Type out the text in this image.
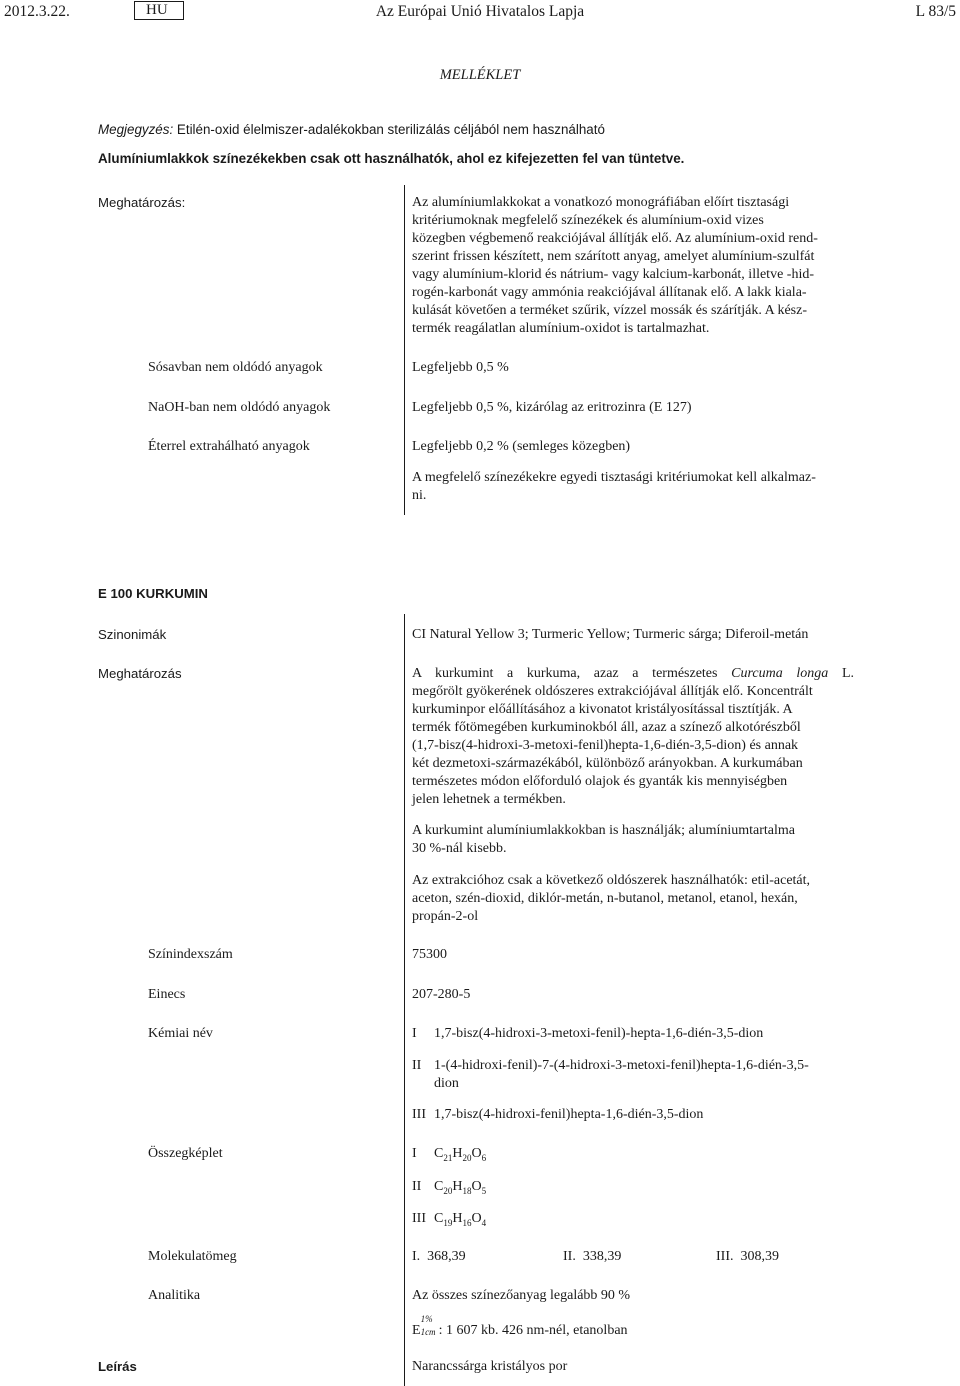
2012.3.22.	HU	Az Európai Unió Hivatalos Lapja	L 83/5
MELLÉKLET
Megjegyzés: Etilén-oxid élelmiszer-adalékokban sterilizálás céljából nem használható
Alumíniumlakkok színezékekben csak ott használhatók, ahol ez kifejezetten fel van tüntetve.
Meghatározás:	Az alumíniumlakkokat a vonatkozó monográfiában előírt tisztasági
kritériumoknak megfelelő színezékek és alumínium-oxid vizes
közegben végbemenő reakciójával állítják elő. Az alumínium-oxid rend-
szerint frissen készített, nem szárított anyag, amelyet alumínium-szulfát
vagy alumínium-klorid és nátrium- vagy kalcium-karbonát, illetve -hid-
rogén-karbonát vagy ammónia reakciójával állítanak elő. A lakk kiala-
kulását követően a terméket szűrik, vízzel mossák és szárítják. A kész-
termék reagálatlan alumínium-oxidot is tartalmazhat.
Sósavban nem oldódó anyagok	Legfeljebb 0,5 %
NaOH-ban nem oldódó anyagok	Legfeljebb 0,5 %, kizárólag az eritrozinra (E 127)
Éterrel extrahálható anyagok	Legfeljebb 0,2 % (semleges közegben)
A megfelelő színezékekre egyedi tisztasági kritériumokat kell alkalmaz-
ni.
E 100 KURKUMIN
Szinonimák	CI Natural Yellow 3; Turmeric Yellow; Turmeric sárga; Diferoil-metán
Meghatározás	A kurkumint a kurkuma, azaz a természetes Curcuma longa L.
megőrölt gyökerének oldószeres extrakciójával állítják elő. Koncentrált
kurkuminpor előállításához a kivonatot kristályosítással tisztítják. A
termék főtömegében kurkuminokból áll, azaz a színező alkotórészből
(1,7-bisz(4-hidroxi-3-metoxi-fenil)hepta-1,6-dién-3,5-dion) és annak
két dezmetoxi-származékából, különböző arányokban. A kurkumában
természetes módon előforduló olajok és gyanták kis mennyiségben
jelen lehetnek a termékben.
A kurkumint alumíniumlakkokban is használják; alumíniumtartalma
30 %-nál kisebb.
Az extrakcióhoz csak a következő oldószerek használhatók: etil-acetát,
aceton, szén-dioxid, diklór-metán, n-butanol, metanol, etanol, hexán,
propán-2-ol
Színindexszám	75300
Einecs	207-280-5
Kémiai név	I 1,7-bisz(4-hidroxi-3-metoxi-fenil)-hepta-1,6-dién-3,5-dion
II 1-(4-hidroxi-fenil)-7-(4-hidroxi-3-metoxi-fenil)hepta-1,6-dién-3,5-
dion
III 1,7-bisz(4-hidroxi-fenil)hepta-1,6-dién-3,5-dion
Összegképlet	I $C_{21}H_{20}O_6$
II $C_{20}H_{18}O_5$
III $C_{19}H_{16}O_4$
Molekulatömeg	I. 368,39	II. 338,39	III. 308,39
Analitika	Az összes színezőanyag legalább 90 %
E
1%
1cm : 1 607 kb. 426 nm-nél, etanolban
Leírás	Narancssárga kristályos por
